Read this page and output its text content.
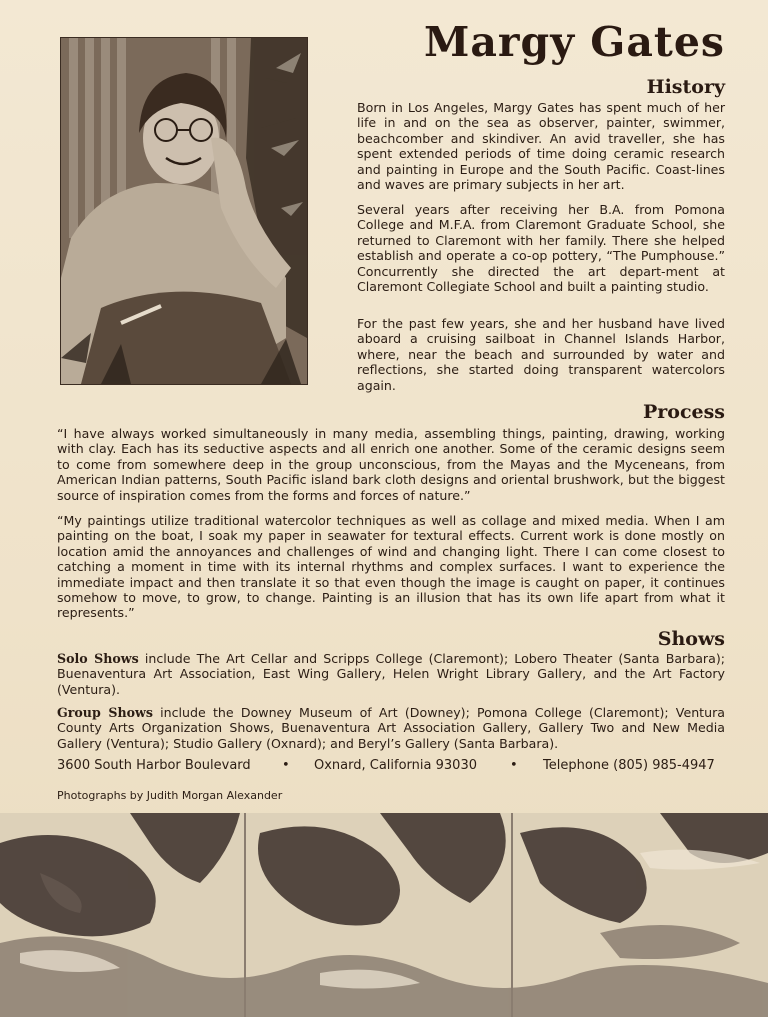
Margy Gates
History

Born in Los Angeles, Margy Gates has spent much of her life in and on the sea as observer, painter, swimmer, beachcomber and skindiver. An avid traveller, she has spent extended periods of time doing ceramic research and painting in Europe and the South Pacific. Coast-lines and waves are primary subjects in her art.

Several years after receiving her B.A. from Pomona College and M.F.A. from Claremont Graduate School, she returned to Claremont with her family. There she helped establish and operate a co-op pottery, “The Pumphouse.” Concurrently she directed the art depart-ment at Claremont Collegiate School and built a painting studio.

For the past few years, she and her husband have lived aboard a cruising sailboat in Channel Islands Harbor, where, near the beach and surrounded by water and reflections, she started doing transparent watercolors again.

Process

“I have always worked simultaneously in many media, assembling things, painting, drawing, working with clay. Each has its seductive aspects and all enrich one another. Some of the ceramic designs seem to come from somewhere deep in the group unconscious, from the Mayas and the Myceneans, from American Indian patterns, South Pacific island bark cloth designs and oriental brushwork, but the biggest source of inspiration comes from the forms and forces of nature.”

“My paintings utilize traditional watercolor techniques as well as collage and mixed media. When I am painting on the boat, I soak my paper in seawater for textural effects. Current work is done mostly on location amid the annoyances and challenges of wind and changing light. There I can come closest to catching a moment in time with its internal rhythms and complex surfaces. I want to experience the immediate impact and then translate it so that even though the image is caught on paper, it continues somehow to move, to grow, to change. Painting is an illusion that has its own life apart from what it represents.”

Shows

Solo Shows include The Art Cellar and Scripps College (Claremont); Lobero Theater (Santa Barbara); Buenaventura Art Association, East Wing Gallery, Helen Wright Library Gallery, and the Art Factory (Ventura).

Group Shows include the Downey Museum of Art (Downey); Pomona College (Claremont); Ventura County Arts Organization Shows, Buenaventura Art Association Gallery, Gallery Two and New Media Gallery (Ventura); Studio Gallery (Oxnard); and Beryl’s Gallery (Santa Barbara).

3600 South Harbor Boulevard • Oxnard, California 93030	• Telephone (805) 985-4947
Photographs by Judith Morgan Alexander
